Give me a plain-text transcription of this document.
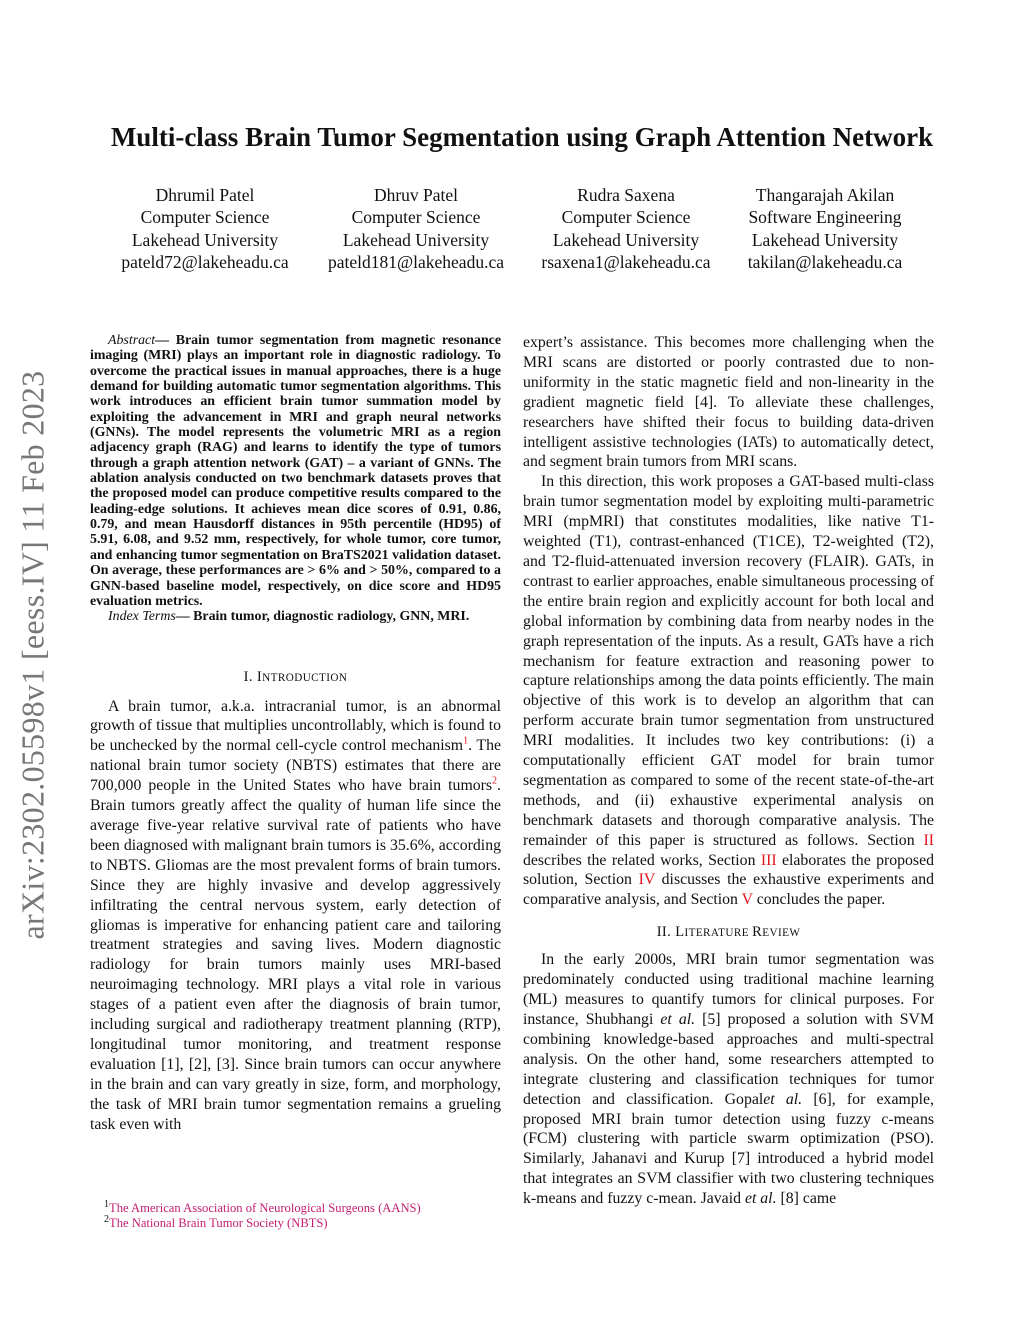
arXiv:2302.05598v1 [eess.IV] 11 Feb 2023
Multi-class Brain Tumor Segmentation using Graph Attention Network
Dhrumil Patel
Computer Science
Lakehead University
pateld72@lakeheadu.ca
Dhruv Patel
Computer Science
Lakehead University
pateld181@lakeheadu.ca
Rudra Saxena
Computer Science
Lakehead University
rsaxena1@lakeheadu.ca
Thangarajah Akilan
Software Engineering
Lakehead University
takilan@lakeheadu.ca

Abstract— Brain tumor segmentation from magnetic resonance imaging (MRI) plays an important role in diagnostic radiology. To overcome the practical issues in manual approaches, there is a huge demand for building automatic tumor segmentation algorithms. This work introduces an efficient brain tumor summation model by exploiting the advancement in MRI and graph neural networks (GNNs). The model represents the volumetric MRI as a region adjacency graph (RAG) and learns to identify the type of tumors through a graph attention network (GAT) – a variant of GNNs. The ablation analysis conducted on two benchmark datasets proves that the proposed model can produce competitive results compared to the leading-edge solutions. It achieves mean dice scores of 0.91, 0.86, 0.79, and mean Hausdorff distances in 95th percentile (HD95) of 5.91, 6.08, and 9.52 mm, respectively, for whole tumor, core tumor, and enhancing tumor segmentation on BraTS2021 validation dataset. On average, these performances are > 6% and > 50%, compared to a GNN-based baseline model, respectively, on dice score and HD95 evaluation metrics.

Index Terms— Brain tumor, diagnostic radiology, GNN, MRI.

I. INTRODUCTION

A brain tumor, a.k.a. intracranial tumor, is an abnormal growth of tissue that multiplies uncontrollably, which is found to be unchecked by the normal cell-cycle control mechanism$^1$. The national brain tumor society (NBTS) estimates that there are 700,000 people in the United States who have brain tumors$^2$. Brain tumors greatly affect the quality of human life since the average five-year relative survival rate of patients who have been diagnosed with malignant brain tumors is 35.6%, according to NBTS. Gliomas are the most prevalent forms of brain tumors. Since they are highly invasive and develop aggressively infiltrating the central nervous system, early detection of gliomas is imperative for enhancing patient care and tailoring treatment strategies and saving lives. Modern diagnostic radiology for brain tumors mainly uses MRI-based neuroimaging technology. MRI plays a vital role in various stages of a patient even after the diagnosis of brain tumor, including surgical and radiotherapy treatment planning (RTP), longitudinal tumor monitoring, and treatment response evaluation [1], [2], [3]. Since brain tumors can occur anywhere in the brain and can vary greatly in size, form, and morphology, the task of MRI brain tumor segmentation remains a grueling task even with

$^1$The American Association of Neurological Surgeons (AANS)
$^2$The National Brain Tumor Society (NBTS)

expert’s assistance. This becomes more challenging when the MRI scans are distorted or poorly contrasted due to non-uniformity in the static magnetic field and non-linearity in the gradient magnetic field [4]. To alleviate these challenges, researchers have shifted their focus to building data-driven intelligent assistive technologies (IATs) to automatically detect, and segment brain tumors from MRI scans.

In this direction, this work proposes a GAT-based multi-class brain tumor segmentation model by exploiting multi-parametric MRI (mpMRI) that constitutes modalities, like native T1-weighted (T1), contrast-enhanced (T1CE), T2-weighted (T2), and T2-fluid-attenuated inversion recovery (FLAIR). GATs, in contrast to earlier approaches, enable simultaneous processing of the entire brain region and explicitly account for both local and global information by combining data from nearby nodes in the graph representation of the inputs. As a result, GATs have a rich mechanism for feature extraction and reasoning power to capture relationships among the data points efficiently. The main objective of this work is to develop an algorithm that can perform accurate brain tumor segmentation from unstructured MRI modalities. It includes two key contributions: (i) a computationally efficient GAT model for brain tumor segmentation as compared to some of the recent state-of-the-art methods, and (ii) exhaustive experimental analysis on benchmark datasets and thorough comparative analysis. The remainder of this paper is structured as follows. Section II describes the related works, Section III elaborates the proposed solution, Section IV discusses the exhaustive experiments and comparative analysis, and Section V concludes the paper.

II. LITERATURE REVIEW

In the early 2000s, MRI brain tumor segmentation was predominately conducted using traditional machine learning (ML) measures to quantify tumors for clinical purposes. For instance, Shubhangi et al. [5] proposed a solution with SVM combining knowledge-based approaches and multi-spectral analysis. On the other hand, some researchers attempted to integrate clustering and classification techniques for tumor detection and classification. Gopalet al. [6], for example, proposed MRI brain tumor detection using fuzzy c-means (FCM) clustering with particle swarm optimization (PSO). Similarly, Jahanavi and Kurup [7] introduced a hybrid model that integrates an SVM classifier with two clustering techniques k-means and fuzzy c-mean. Javaid et al. [8] came
